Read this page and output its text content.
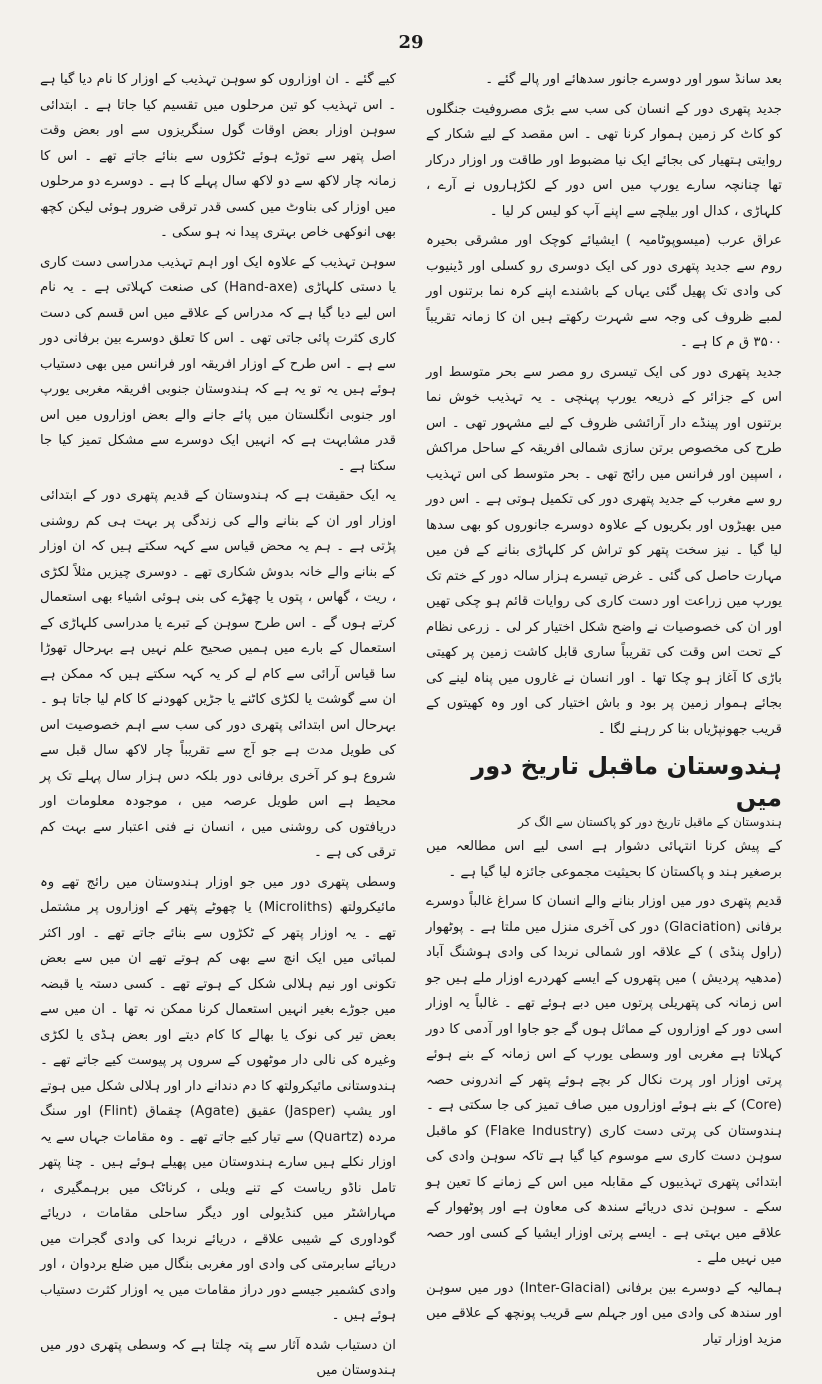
29

بعد سانڈ سور اور دوسرے جانور سدھائے اور پالے گئے ۔

جدید پتھری دور کے انسان کی سب سے بڑی مصروفیت جنگلوں کو کاٹ کر زمین ہموار کرنا تھی ۔ اس مقصد کے لیے شکار کے روایتی ہتھیار کی بجائے ایک نیا مضبوط اور طاقت ور اوزار درکار تھا چنانچہ سارے یورپ میں اس دور کے لکڑہاروں نے آرے ، کلہاڑی ، کدال اور بیلچے سے اپنے آپ کو لیس کر لیا ۔

عراق عرب (میسوپوٹامیہ ) ایشیائے کوچک اور مشرقی بحیرہ روم سے جدید پتھری دور کی ایک دوسری رو کسلی اور ڈینیوب کی وادی تک پھیل گئی یہاں کے باشندے اپنے کرہ نما برتنوں اور لمبے ظروف کی وجہ سے شہرت رکھتے ہیں ان کا زمانہ تقریباً ۳۵۰۰ ق م کا ہے ۔

جدید پتھری دور کی ایک تیسری رو مصر سے بحر متوسط اور اس کے جزائر کے ذریعہ یورپ پہنچی ۔ یہ تہذیب خوش نما برتنوں اور پینڈے دار آرائشی ظروف کے لیے مشہور تھی ۔ اس طرح کی مخصوص برتن سازی شمالی افریقہ کے ساحل مراکش ، اسپین اور فرانس میں رائج تھی ۔ بحر متوسط کی اس تہذیب رو سے مغرب کے جدید پتھری دور کی تکمیل ہوتی ہے ۔ اس دور میں بھیڑوں اور بکریوں کے علاوہ دوسرے جانوروں کو بھی سدھا لیا گیا ۔ نیز سخت پتھر کو تراش کر کلہاڑی بنانے کے فن میں مہارت حاصل کی گئی ۔ غرض تیسرے ہزار سالہ دور کے ختم تک یورپ میں زراعت اور دست کاری کی روایات قائم ہو چکی تھیں اور ان کی خصوصیات نے واضح شکل اختیار کر لی ۔ زرعی نظام کے تحت اس وقت کی تقریباً ساری قابل کاشت زمین پر کھیتی باڑی کا آغاز ہو چکا تھا ۔ اور انسان نے غاروں میں پناہ لینے کی بجائے ہموار زمین پر بود و باش اختیار کی اور وہ کھیتوں کے قریب جھونپڑیاں بنا کر رہنے لگا ۔

ہندوستان ماقبل تاریخ دور میں
ہندوستان کے ماقبل تاریخ دور کو پاکستان سے الگ کر

کے پیش کرنا انتہائی دشوار ہے اسی لیے اس مطالعہ میں برصغیر ہند و پاکستان کا بحیثیت مجموعی جائزہ لیا گیا ہے ۔

قدیم پتھری دور میں اوزار بنانے والے انسان کا سراغ غالباً دوسرے برفانی (Glaciation) دور کی آخری منزل میں ملتا ہے ۔ پوٹھوار (راول پنڈی ) کے علاقہ اور شمالی نربدا کی وادی ہوشنگ آباد (مدھیہ پردیش ) میں پتھروں کے ایسے کھردرے اوزار ملے ہیں جو اس زمانہ کی پتھریلی پرتوں میں دبے ہوئے تھے ۔ غالباً یہ اوزار اسی دور کے اوزاروں کے مماثل ہوں گے جو جاوا اور آدمی کا دور کہلاتا ہے مغربی اور وسطی یورپ کے اس زمانہ کے بنے ہوئے پرتی اوزار اور پرت نکال کر بچے ہوئے پتھر کے اندرونی حصہ (Core) کے بنے ہوئے اوزاروں میں صاف تمیز کی جا سکتی ہے ۔ ہندوستان کی پرتی دست کاری (Flake Industry) کو ماقبل سوہن دست کاری سے موسوم کیا گیا ہے تاکہ سوہن وادی کی ابتدائی پتھری تہذیبوں کے مقابلہ میں اس کے زمانے کا تعین ہو سکے ۔ سوہن ندی دریائے سندھ کی معاون ہے اور پوٹھوار کے علاقے میں بہتی ہے ۔ ایسے پرتی اوزار ایشیا کے کسی اور حصہ میں نہیں ملے ۔

ہمالیہ کے دوسرے بین برفانی (Inter-Glacial) دور میں سوہن اور سندھ کی وادی میں اور جہلم سے قریب پونچھ کے علاقے میں مزید اوزار تیار

کیے گئے ۔ ان اوزاروں کو سوہن تہذیب کے اوزار کا نام دیا گیا ہے ۔ اس تہذیب کو تین مرحلوں میں تقسیم کیا جاتا ہے ۔ ابتدائی سوہن اوزار بعض اوقات گول سنگریزوں سے اور بعض وقت اصل پتھر سے توڑے ہوئے ٹکڑوں سے بنائے جاتے تھے ۔ اس کا زمانہ چار لاکھ سے دو لاکھ سال پہلے کا ہے ۔ دوسرے دو مرحلوں میں اوزار کی بناوٹ میں کسی قدر ترقی ضرور ہوئی لیکن کچھ بھی انوکھی خاص بہتری پیدا نہ ہو سکی ۔

سوہن تہذیب کے علاوہ ایک اور اہم تہذیب مدراسی دست کاری یا دستی کلہاڑی (Hand-axe) کی صنعت کہلاتی ہے ۔ یہ نام اس لیے دیا گیا ہے کہ مدراس کے علاقے میں اس قسم کی دست کاری کثرت پائی جاتی تھی ۔ اس کا تعلق دوسرے بین برفانی دور سے ہے ۔ اس طرح کے اوزار افریقہ اور فرانس میں بھی دستیاب ہوئے ہیں یہ تو یہ ہے کہ ہندوستان جنوبی افریقہ مغربی یورپ اور جنوبی انگلستان میں پائے جانے والے بعض اوزاروں میں اس قدر مشابہت ہے کہ انہیں ایک دوسرے سے مشکل تمیز کیا جا سکتا ہے ۔

یہ ایک حقیقت ہے کہ ہندوستان کے قدیم پتھری دور کے ابتدائی اوزار اور ان کے بنانے والے کی زندگی پر بہت ہی کم روشنی پڑتی ہے ۔ ہم یہ محض قیاس سے کہہ سکتے ہیں کہ ان اوزار کے بنانے والے خانہ بدوش شکاری تھے ۔ دوسری چیزیں مثلاً لکڑی ، ریت ، گھاس ، پتوں یا چھڑے کی بنی ہوئی اشیاء بھی استعمال کرتے ہوں گے ۔ اس طرح سوہن کے تبرے یا مدراسی کلہاڑی کے استعمال کے بارے میں ہمیں صحیح علم نہیں ہے بہرحال تھوڑا سا قیاس آرائی سے کام لے کر یہ کہہ سکتے ہیں کہ ممکن ہے ان سے گوشت یا لکڑی کاٹنے یا جڑیں کھودنے کا کام لیا جاتا ہو ۔ بہرحال اس ابتدائی پتھری دور کی سب سے اہم خصوصیت اس کی طویل مدت ہے جو آج سے تقریباً چار لاکھ سال قبل سے شروع ہو کر آخری برفانی دور بلکہ دس ہزار سال پہلے تک پر محیط ہے اس طویل عرصہ میں ، موجودہ معلومات اور دریافتوں کی روشنی میں ، انسان نے فنی اعتبار سے بہت کم ترقی کی ہے ۔

وسطی پتھری دور میں جو اوزار ہندوستان میں رائج تھے وہ مائیکرولتھ (Microliths) یا چھوٹے پتھر کے اوزاروں پر مشتمل تھے ۔ یہ اوزار پتھر کے ٹکڑوں سے بنائے جاتے تھے ۔ اور اکثر لمبائی میں ایک انچ سے بھی کم ہوتے تھے ان میں سے بعض تکونی اور نیم ہلالی شکل کے ہوتے تھے ۔ کسی دستہ یا قبضہ میں جوڑے بغیر انہیں استعمال کرنا ممکن نہ تھا ۔ ان میں سے بعض تیر کی نوک یا بھالے کا کام دیتے اور بعض ہڈی یا لکڑی وغیرہ کی نالی دار موٹھوں کے سروں پر پیوست کیے جاتے تھے ۔ ہندوستانی مائیکرولتھ کا دم دندانے دار اور ہلالی شکل میں ہوتے اور یشپ (Jasper) عقیق (Agate) چقماق (Flint) اور سنگ مردہ (Quartz) سے تیار کیے جاتے تھے ۔ وہ مقامات جہاں سے یہ اوزار نکلے ہیں سارے ہندوستان میں پھیلے ہوئے ہیں ۔ چنا پتھر تامل ناڈو ریاست کے تنے ویلی ، کرناٹک میں برہمگیری ، مہاراشٹر میں کنڈیولی اور دیگر ساحلی مقامات ، دریائے گوداوری کے شیبی علاقے ، دریائے نربدا کی وادی گجرات میں دریائے سابرمتی کی وادی اور مغربی بنگال میں ضلع بردوان ، اور وادی کشمیر جیسے دور دراز مقامات میں یہ اوزار کثرت دستیاب ہوئے ہیں ۔

ان دستیاب شدہ آثار سے پتہ چلتا ہے کہ وسطی پتھری دور میں ہندوستان میں
